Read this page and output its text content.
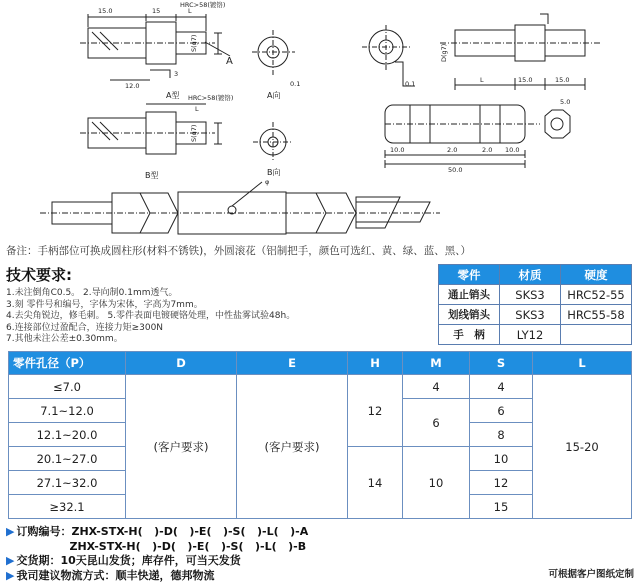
15.0	15	L
HRC>58(镀铬)
A
12.0
3
A型	A向
0.1
HRC>58(镀铬)
L
B型	B向
L	15.0	15.0
0.1
10.0	2.0	2.0 10.0
50.0
5.0
φ
S(g7)
S(g7)
D(g7)
备注：手柄部位可换成圆柱形(材料不锈铁)，外圆滚花（铝制把手，颜色可选红、黄、绿、蓝、黑、）
技术要求:
1.未注倒角C0.5。 2.导向制0.1mm透气。
3.刻 零件号和编号，字体为宋体，字高为7mm。
4.去尖角锐边，修毛刺。 5.零件表面电镀硬铬处理，中性盐雾试验48h。
6.连接部位过盈配合，连接力矩≥300N
7.其他未注公差±0.30mm。
零件	材质	硬度
通止销头	SKS3	HRC52-55
划线销头	SKS3	HRC55-58
手　柄	LY12	
零件孔径（P）	D	E	H	M	S	L
≤7.0	(客户要求)	(客户要求)	12	4	4	15-20
7.1~12.0				6	6	
12.1~20.0					8	
20.1~27.0			14	10	10	
27.1~32.0					12	
≥32.1					15	
▶ 订购编号：ZHX-STX-H(   )-D(   )-E(   )-S(   )-L(   )-A
ZHX-STX-H(   )-D(   )-E(   )-S(   )-L(   )-B
▶ 交货期：10天昆山发货；库存件，可当天发货
▶ 我司建议物流方式：顺丰快递，德邦物流	可根据客户图纸定制
